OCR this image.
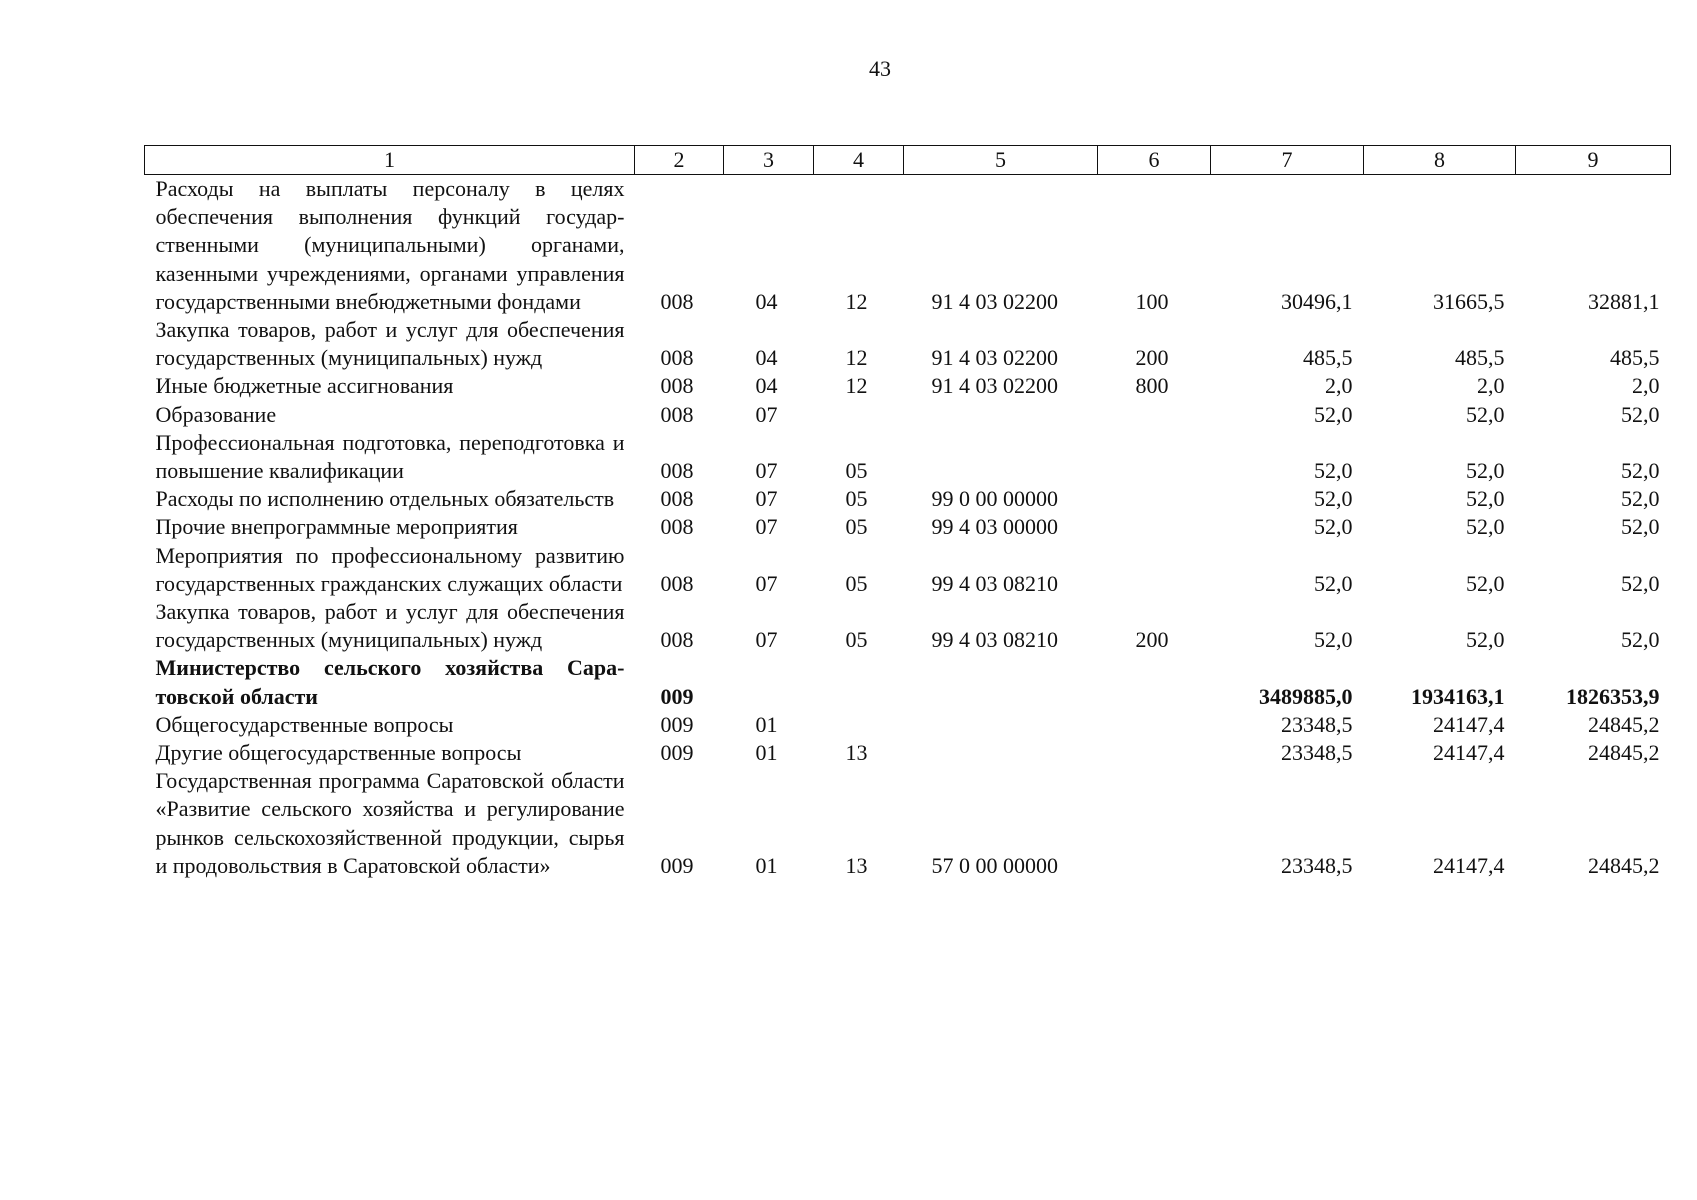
43
1	2	3	4	5	6	7	8	9
Расходы на выплаты персоналу в целях обеспечения выполнения функций государственными (муниципальными) органами, казенными учреждениями, органами управления государственными внебюджетными фондами	008	04	12	91 4 03 02200	100	30496,1	31665,5	32881,1
Закупка товаров, работ и услуг для обеспечения государственных (муниципальных) нужд	008	04	12	91 4 03 02200	200	485,5	485,5	485,5
Иные бюджетные ассигнования	008	04	12	91 4 03 02200	800	2,0	2,0	2,0
Образование	008	07				52,0	52,0	52,0
Профессиональная подготовка, переподготовка и повышение квалификации	008	07	05			52,0	52,0	52,0
Расходы по исполнению отдельных обязательств	008	07	05	99 0 00 00000		52,0	52,0	52,0
Прочие внепрограммные мероприятия	008	07	05	99 4 03 00000		52,0	52,0	52,0
Мероприятия по профессиональному развитию государственных гражданских служащих области	008	07	05	99 4 03 08210		52,0	52,0	52,0
Закупка товаров, работ и услуг для обеспечения государственных (муниципальных) нужд	008	07	05	99 4 03 08210	200	52,0	52,0	52,0
Министерство сельского хозяйства Саратовской области	009					3489885,0	1934163,1	1826353,9
Общегосударственные вопросы	009	01				23348,5	24147,4	24845,2
Другие общегосударственные вопросы	009	01	13			23348,5	24147,4	24845,2
Государственная программа Саратовской области «Развитие сельского хозяйства и регулирование рынков сельскохозяйственной продукции, сырья и продовольствия в Саратовской области»	009	01	13	57 0 00 00000		23348,5	24147,4	24845,2
